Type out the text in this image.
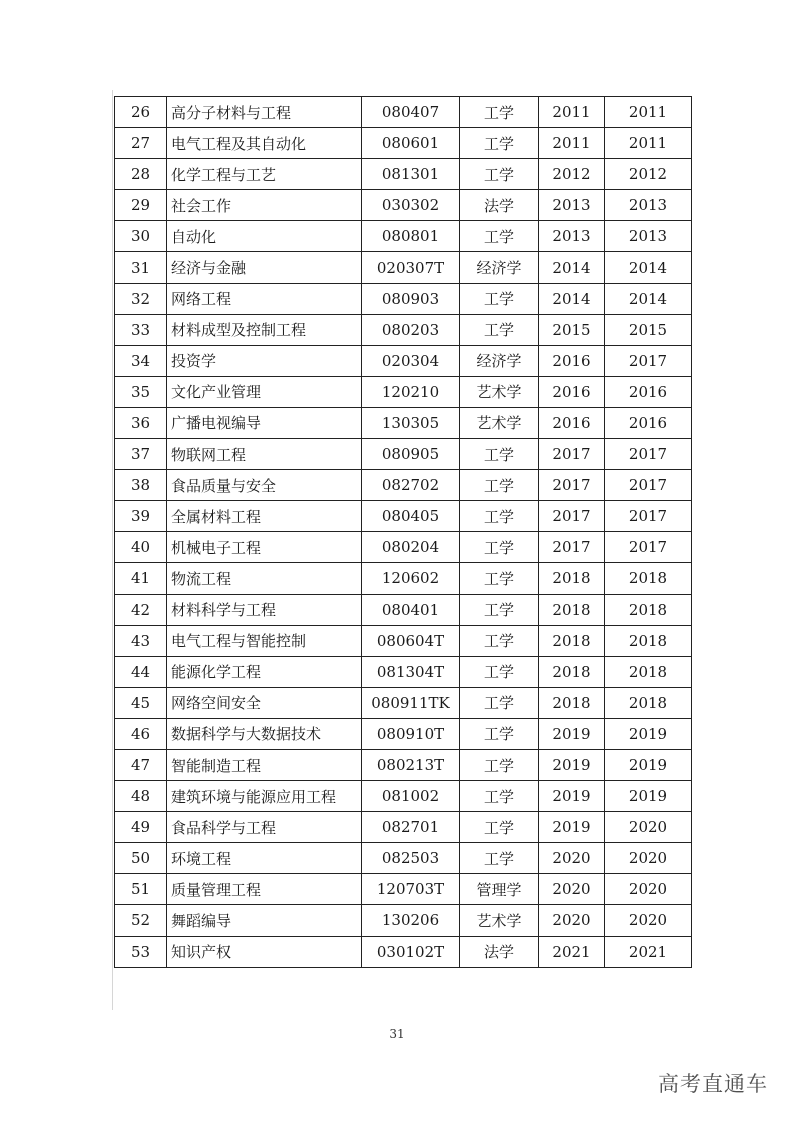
26	高分子材料与工程	080407	工学	2011	2011
27	电气工程及其自动化	080601	工学	2011	2011
28	化学工程与工艺	081301	工学	2012	2012
29	社会工作	030302	法学	2013	2013
30	自动化	080801	工学	2013	2013
31	经济与金融	020307T	经济学	2014	2014
32	网络工程	080903	工学	2014	2014
33	材料成型及控制工程	080203	工学	2015	2015
34	投资学	020304	经济学	2016	2017
35	文化产业管理	120210	艺术学	2016	2016
36	广播电视编导	130305	艺术学	2016	2016
37	物联网工程	080905	工学	2017	2017
38	食品质量与安全	082702	工学	2017	2017
39	全属材料工程	080405	工学	2017	2017
40	机械电子工程	080204	工学	2017	2017
41	物流工程	120602	工学	2018	2018
42	材料科学与工程	080401	工学	2018	2018
43	电气工程与智能控制	080604T	工学	2018	2018
44	能源化学工程	081304T	工学	2018	2018
45	网络空间安全	080911TK	工学	2018	2018
46	数据科学与大数据技术	080910T	工学	2019	2019
47	智能制造工程	080213T	工学	2019	2019
48	建筑环境与能源应用工程	081002	工学	2019	2019
49	食品科学与工程	082701	工学	2019	2020
50	环境工程	082503	工学	2020	2020
51	质量管理工程	120703T	管理学	2020	2020
52	舞蹈编导	130206	艺术学	2020	2020
53	知识产权	030102T	法学	2021	2021
31
高考直通车
